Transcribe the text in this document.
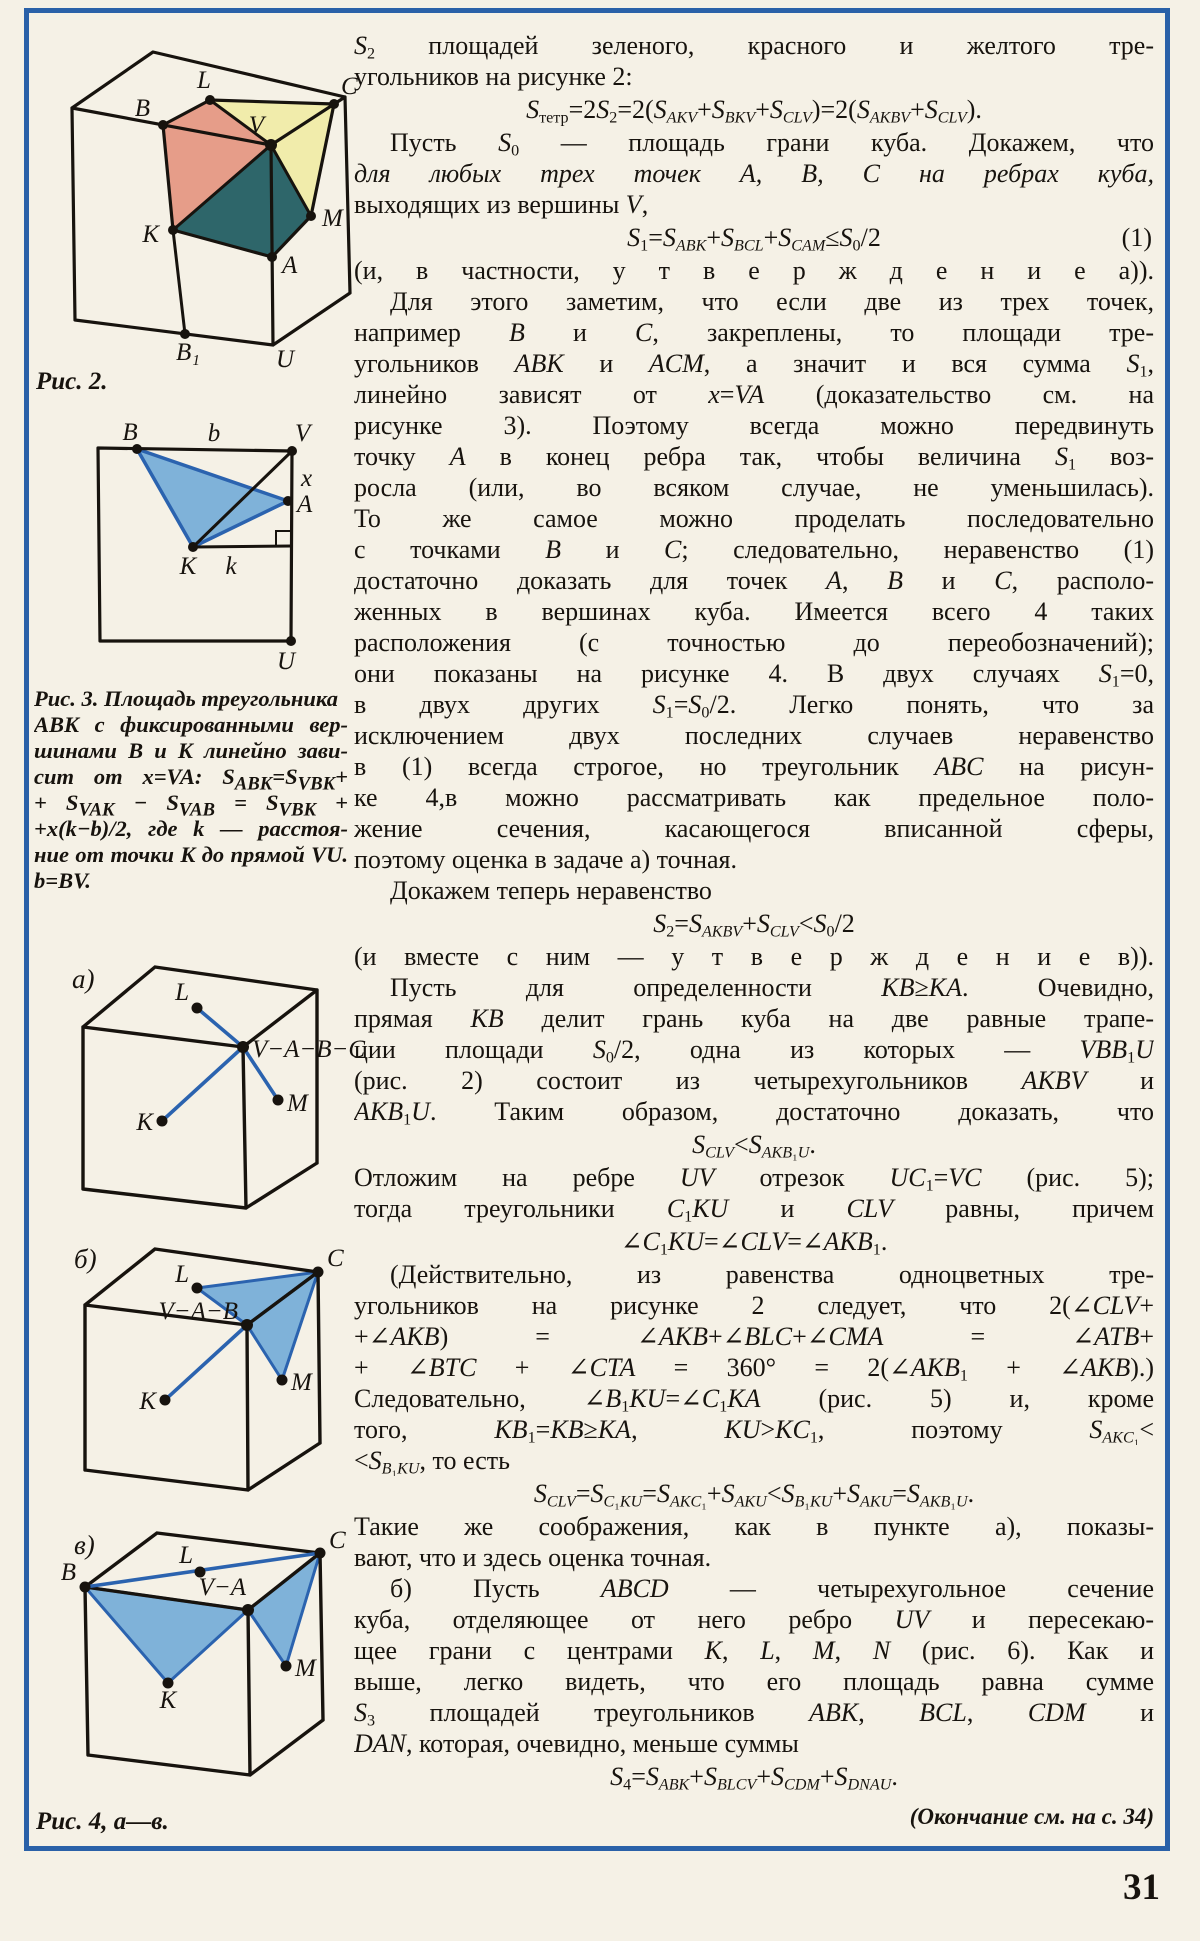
L
B
V
C
M
K
A
B₁	U
Рис. 2.
B	b	V
x
A
K k
U
Рис. 3. Площадь треугольника
ABK с фиксированными вер-
шинами B и K линейно зави-
сит от x=VA: $S_{ABK}=S_{VBK}+$
+ $S_{VAK} - S_{VAB} = S_{VBK}$ +
+x(k−b)/2, где k — расстоя-
ние от точки K до прямой VU.
b=BV.
а)	L
V−A−B−C
K
M
б)
L
C
V−A−B
K
M
в)
B
L
C
V−A
K
M
Рис. 4, а—в.
$S_2$ площадей зеленого, красного и желтого тре-
угольников на рисунке 2:
$S_{тетр}=2S_2=2(S_{AKV}+S_{BKV}+S_{CLV})=2(S_{AKBV}+S_{CLV})$.
Пусть $S_0$ — площадь грани куба. Докажем, что
для любых трех точек A, B, C на ребрах куба,
выходящих из вершины V,
$S_1=S_{ABK}+S_{BCL}+S_{CAM}\le S_0/2$	(1)
(и, в частности, у т в е р ж д е н и е а)).
Для этого заметим, что если две из трех точек,
например B и C, закреплены, то площади тре-
угольников ABK и ACM, а значит и вся сумма $S_1$,
линейно зависят от x=VA (доказательство см. на
рисунке 3). Поэтому всегда можно передвинуть
точку A в конец ребра так, чтобы величина $S_1$ воз-
росла (или, во всяком случае, не уменьшилась).
То же самое можно проделать последовательно
с точками B и C; следовательно, неравенство (1)
достаточно доказать для точек A, B и C, располо-
женных в вершинах куба. Имеется всего 4 таких
расположения (с точностью до переобозначений);
они показаны на рисунке 4. В двух случаях $S_1=0$,
в двух других $S_1=S_0/2$. Легко понять, что за
исключением двух последних случаев неравенство
в (1) всегда строгое, но треугольник ABC на рисун-
ке 4,в можно рассматривать как предельное поло-
жение сечения, касающегося вписанной сферы,
поэтому оценка в задаче а) точная.
Докажем теперь неравенство
$S_2=S_{AKBV}+S_{CLV}<S_0/2$
(и вместе с ним — у т в е р ж д е н и е в)).
Пусть для определенности KB≥KA. Очевидно,
прямая KB делит грань куба на две равные трапе-
ции площади $S_0/2$, одна из которых — $VBB_1U$
(рис. 2) состоит из четырехугольников AKBV и
$AKB_1U$. Таким образом, достаточно доказать, что
$S_{CLV}<S_{AKB_1U}$.
Отложим на ребре UV отрезок $UC_1=VC$ (рис. 5);
тогда треугольники $C_1KU$ и CLV равны, причем
$\angle C_1KU=\angle CLV=\angle AKB_1$.
(Действительно, из равенства одноцветных тре-
угольников на рисунке 2 следует, что 2(∠CLV+
+∠AKB) = ∠AKB+∠BLC+∠CMA = ∠ATB+
+ ∠BTC + ∠CTA = $360^\circ = 2(\angle AKB_1$ + ∠AKB).)
Следовательно, $\angle B_1KU=\angle C_1KA$ (рис. 5) и, кроме
того, $KB_1=KB\ge KA$, $KU>KC_1$, поэтому $S_{AKC_1}<$
$<S_{B_1KU}$, то есть
$S_{CLV}=S_{C_1KU}=S_{AKC_1}+S_{AKU}<S_{B_1KU}+S_{AKU}=S_{AKB_1U}$.
Такие же соображения, как в пункте а), показы-
вают, что и здесь оценка точная.
б) Пусть ABCD — четырехугольное сечение
куба, отделяющее от него ребро UV и пересекаю-
щее грани с центрами K, L, M, N (рис. 6). Как и
выше, легко видеть, что его площадь равна сумме
$S_3$ площадей треугольников ABK, BCL, CDM и
DAN, которая, очевидно, меньше суммы
$S_4=S_{ABK}+S_{BLCV}+S_{CDM}+S_{DNAU}$.
(Окончание см. на с. 34)
31
